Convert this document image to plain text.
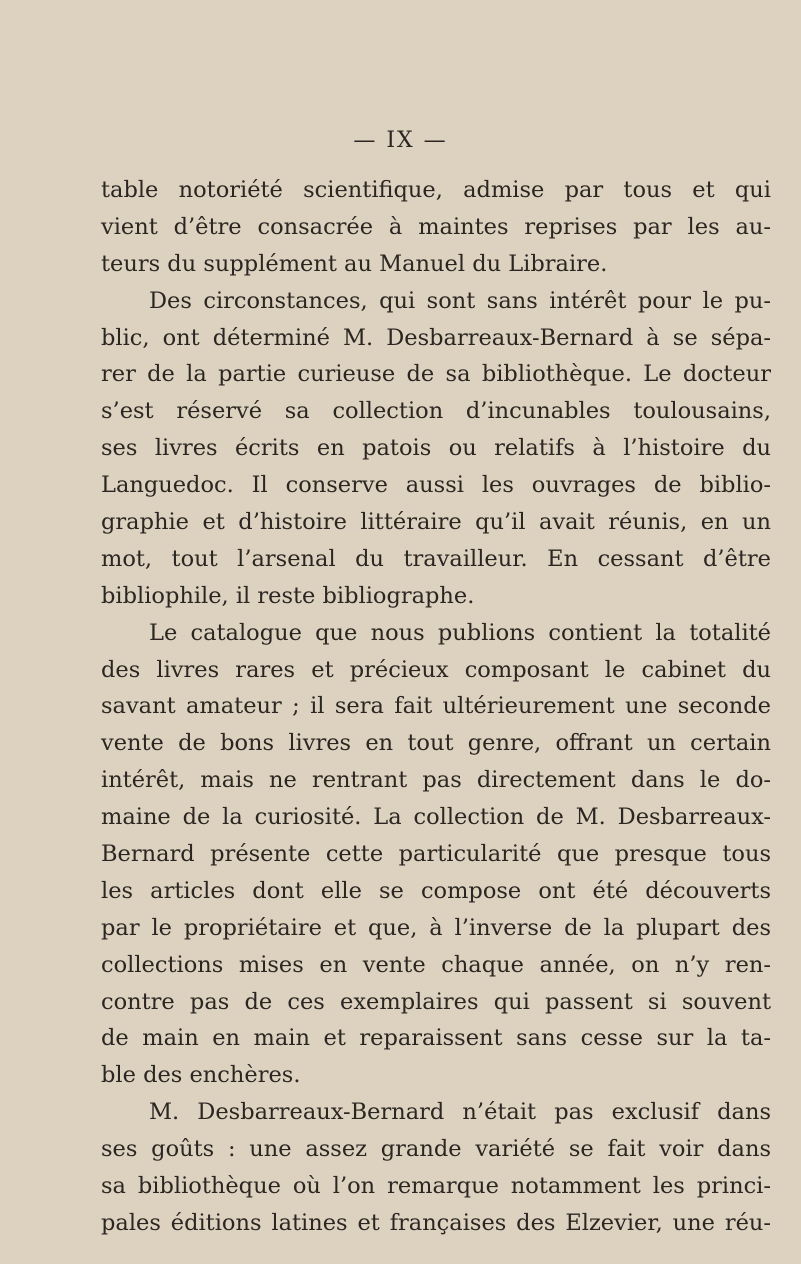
— IX —
table notoriété scientifique, admise par tous et qui
vient d’être consacrée à maintes reprises par les au-
teurs du supplément au Manuel du Libraire.
Des circonstances, qui sont sans intérêt pour le pu-
blic, ont déterminé M. Desbarreaux-Bernard à se sépa-
rer de la partie curieuse de sa bibliothèque. Le docteur
s’est réservé sa collection d’incunables toulousains,
ses livres écrits en patois ou relatifs à l’histoire du
Languedoc. Il conserve aussi les ouvrages de biblio-
graphie et d’histoire littéraire qu’il avait réunis, en un
mot, tout l’arsenal du travailleur. En cessant d’être
bibliophile, il reste bibliographe.
Le catalogue que nous publions contient la totalité
des livres rares et précieux composant le cabinet du
savant amateur ; il sera fait ultérieurement une seconde
vente de bons livres en tout genre, offrant un certain
intérêt, mais ne rentrant pas directement dans le do-
maine de la curiosité. La collection de M. Desbarreaux-
Bernard présente cette particularité que presque tous
les articles dont elle se compose ont été découverts
par le propriétaire et que, à l’inverse de la plupart des
collections mises en vente chaque année, on n’y ren-
contre pas de ces exemplaires qui passent si souvent
de main en main et reparaissent sans cesse sur la ta-
ble des enchères.
M. Desbarreaux-Bernard n’était pas exclusif dans
ses goûts : une assez grande variété se fait voir dans
sa bibliothèque où l’on remarque notamment les princi-
pales éditions latines et françaises des Elzevier, une réu-
